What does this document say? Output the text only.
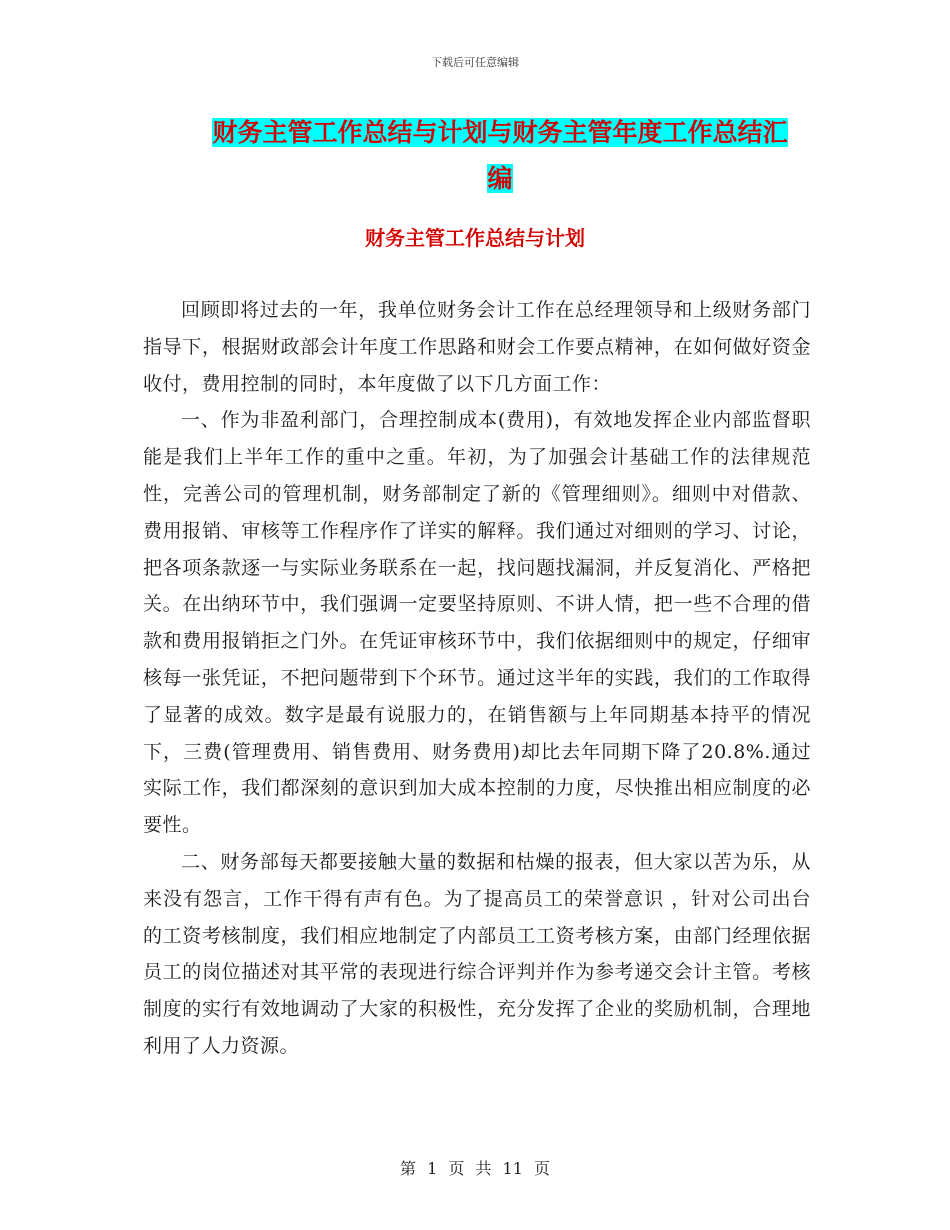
下载后可任意编辑
财务主管工作总结与计划与财务主管年度工作总结汇
编
财务主管工作总结与计划

回顾即将过去的一年，我单位财务会计工作在总经理领导和上级财务部门指导下，根据财政部会计年度工作思路和财会工作要点精神，在如何做好资金收付，费用控制的同时，本年度做了以下几方面工作：

一、作为非盈利部门，合理控制成本(费用)，有效地发挥企业内部监督职能是我们上半年工作的重中之重。年初，为了加强会计基础工作的法律规范性，完善公司的管理机制，财务部制定了新的《管理细则》。细则中对借款、费用报销、审核等工作程序作了详实的解释。我们通过对细则的学习、讨论，把各项条款逐一与实际业务联系在一起，找问题找漏洞，并反复消化、严格把关。在出纳环节中，我们强调一定要坚持原则、不讲人情，把一些不合理的借款和费用报销拒之门外。在凭证审核环节中，我们依据细则中的规定，仔细审核每一张凭证，不把问题带到下个环节。通过这半年的实践，我们的工作取得了显著的成效。数字是最有说服力的，在销售额与上年同期基本持平的情况下，三费(管理费用、销售费用、财务费用)却比去年同期下降了20.8%.通过实际工作，我们都深刻的意识到加大成本控制的力度，尽快推出相应制度的必要性。

二、财务部每天都要接触大量的数据和枯燥的报表，但大家以苦为乐，从来没有怨言，工作干得有声有色。为了提高员工的荣誉意识 ，针对公司出台的工资考核制度，我们相应地制定了内部员工工资考核方案，由部门经理依据员工的岗位描述对其平常的表现进行综合评判并作为参考递交会计主管。考核制度的实行有效地调动了大家的积极性，充分发挥了企业的奖励机制，合理地利用了人力资源。

第 1 页 共 11 页
